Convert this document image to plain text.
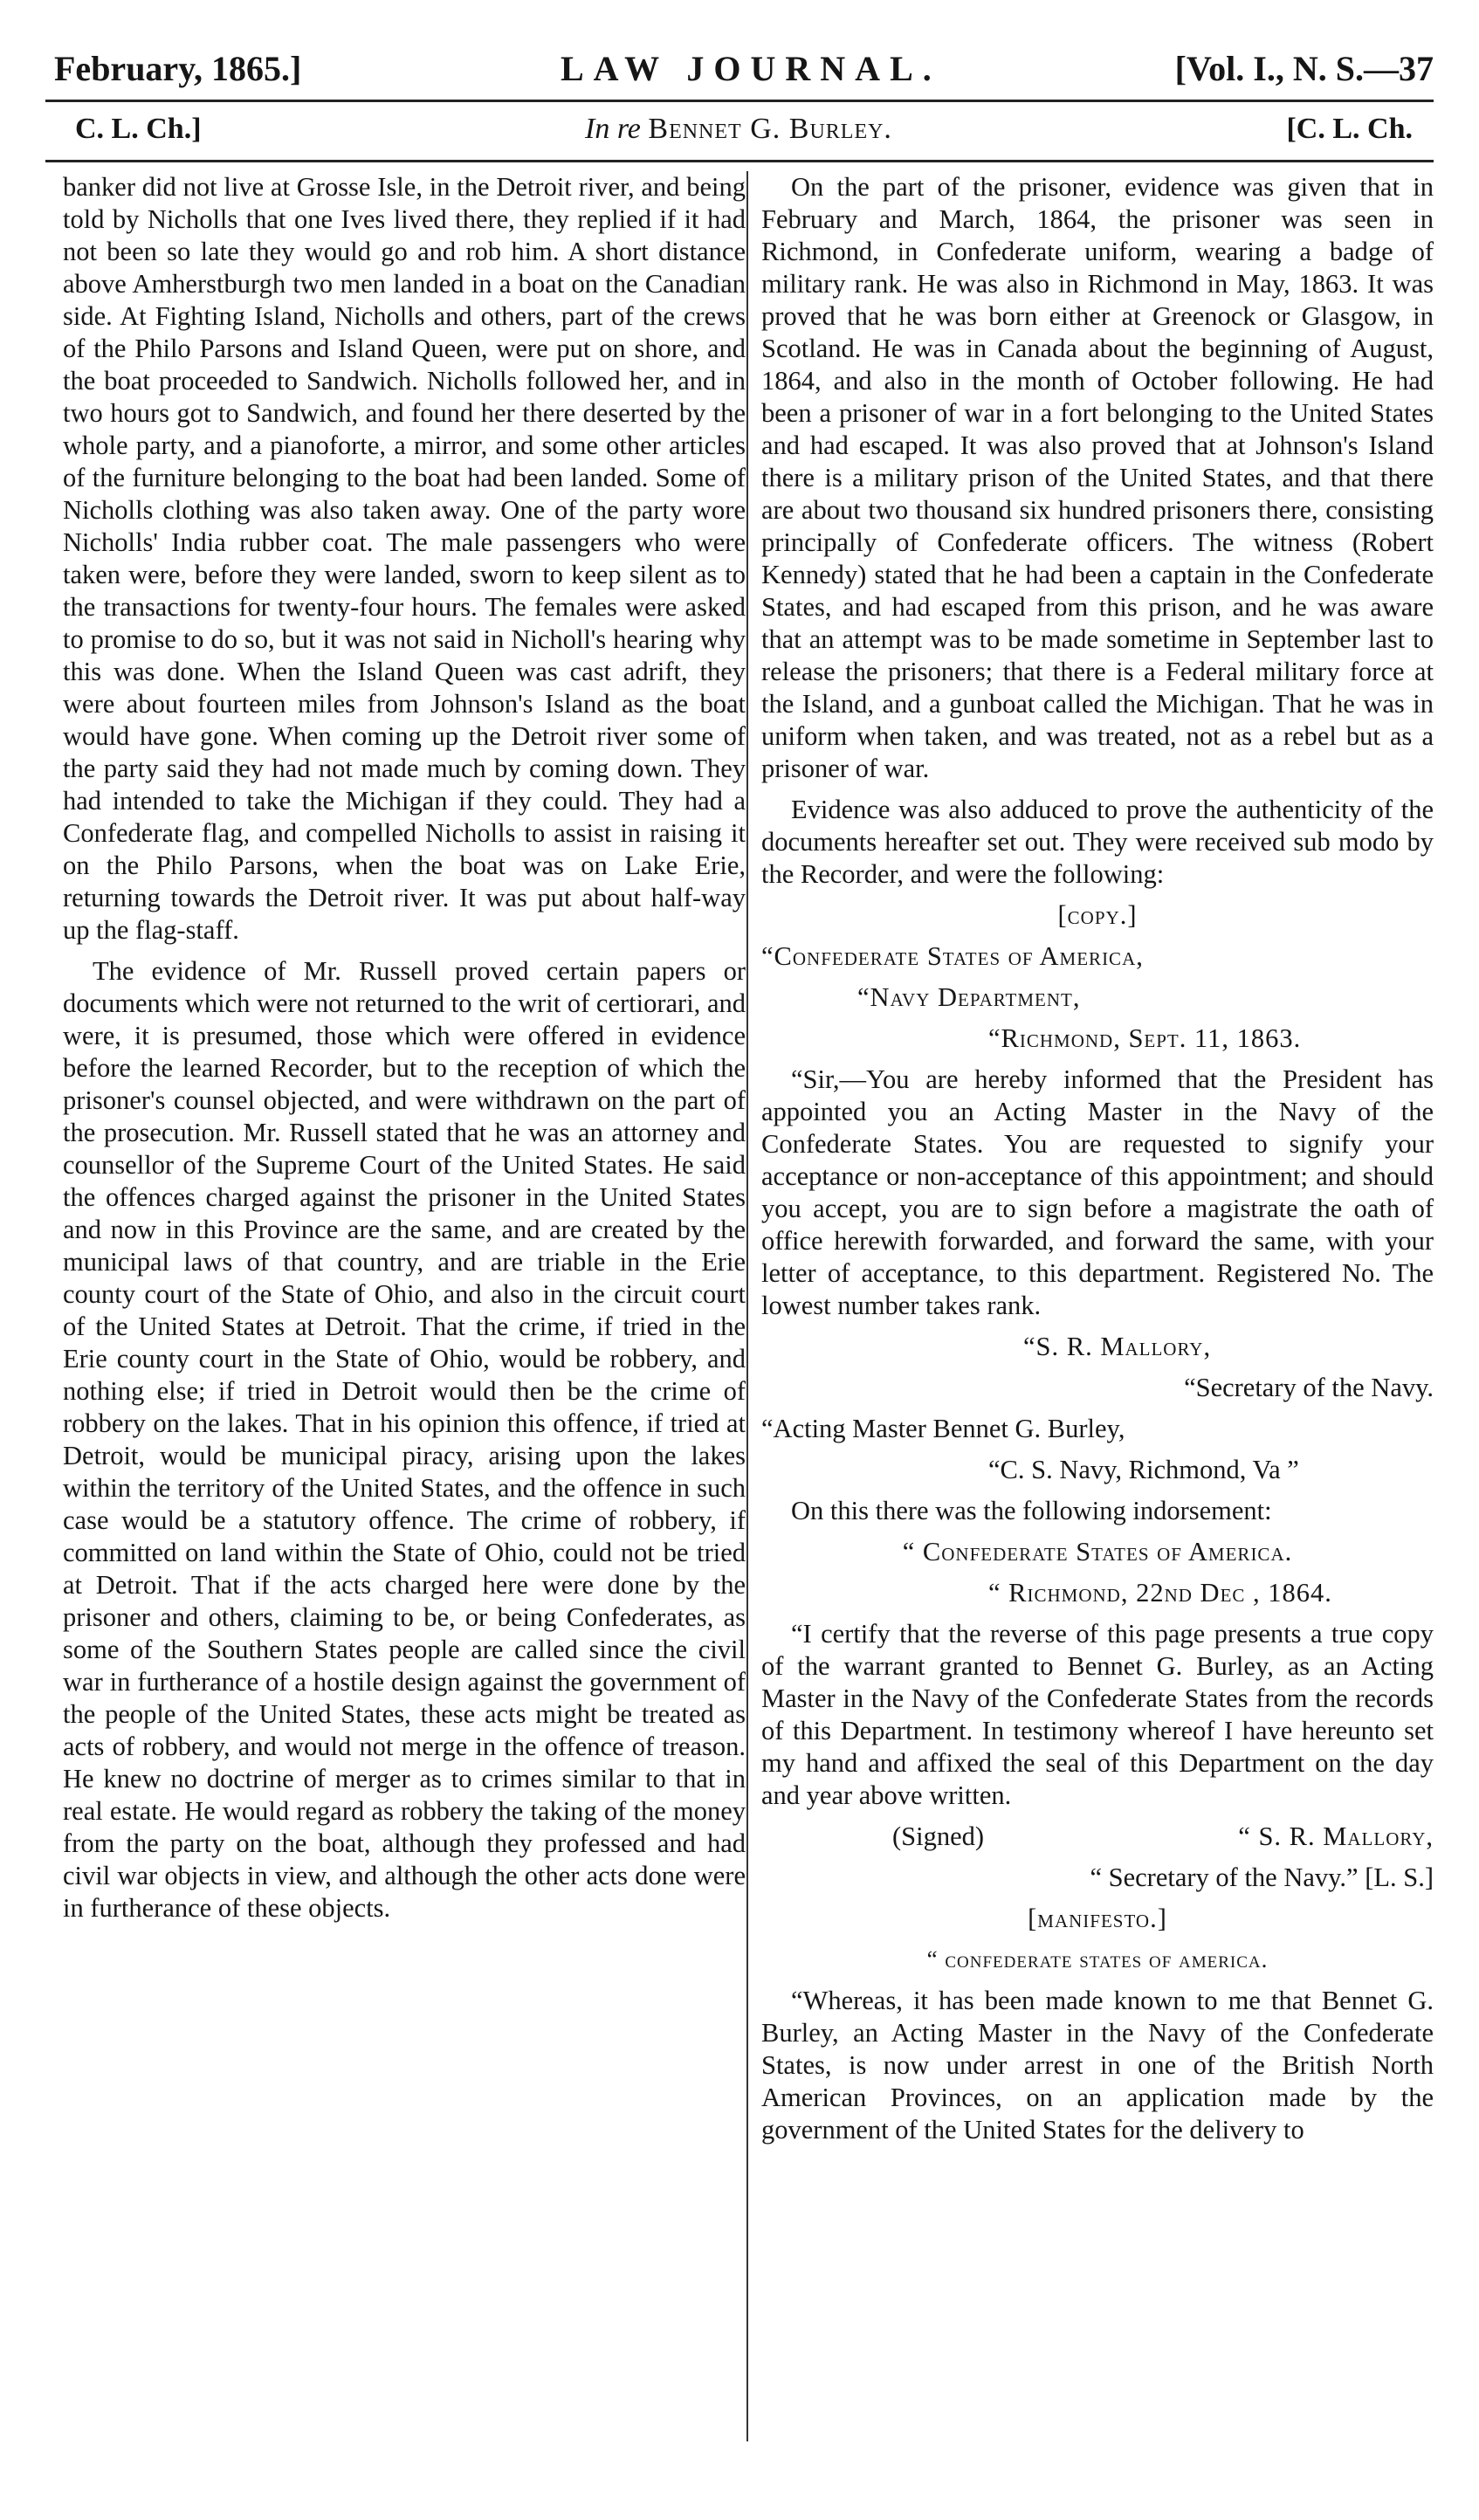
February, 1865.]	LAW JOURNAL.	[Vol. I., N. S.—37
C. L. Ch.]	In re Bennet G. Burley.	[C. L. Ch.

banker did not live at Grosse Isle, in the Detroit river, and being told by Nicholls that one Ives lived there, they replied if it had not been so late they would go and rob him. A short distance above Amherstburgh two men landed in a boat on the Canadian side. At Fighting Island, Nicholls and others, part of the crews of the Philo Parsons and Island Queen, were put on shore, and the boat proceeded to Sandwich. Nicholls followed her, and in two hours got to Sandwich, and found her there deserted by the whole party, and a pianoforte, a mirror, and some other articles of the furniture belonging to the boat had been landed. Some of Nicholls clothing was also taken away. One of the party wore Nicholls' India rubber coat. The male passengers who were taken were, before they were landed, sworn to keep silent as to the transactions for twenty-four hours. The females were asked to promise to do so, but it was not said in Nicholl's hearing why this was done. When the Island Queen was cast adrift, they were about fourteen miles from Johnson's Island as the boat would have gone. When coming up the Detroit river some of the party said they had not made much by coming down. They had intended to take the Michigan if they could. They had a Confederate flag, and compelled Nicholls to assist in raising it on the Philo Parsons, when the boat was on Lake Erie, returning towards the Detroit river. It was put about half-way up the flag-staff.

The evidence of Mr. Russell proved certain papers or documents which were not returned to the writ of certiorari, and were, it is presumed, those which were offered in evidence before the learned Recorder, but to the reception of which the prisoner's counsel objected, and were withdrawn on the part of the prosecution. Mr. Russell stated that he was an attorney and counsellor of the Supreme Court of the United States. He said the offences charged against the prisoner in the United States and now in this Province are the same, and are created by the municipal laws of that country, and are triable in the Erie county court of the State of Ohio, and also in the circuit court of the United States at Detroit. That the crime, if tried in the Erie county court in the State of Ohio, would be robbery, and nothing else; if tried in Detroit would then be the crime of robbery on the lakes. That in his opinion this offence, if tried at Detroit, would be municipal piracy, arising upon the lakes within the territory of the United States, and the offence in such case would be a statutory offence. The crime of robbery, if committed on land within the State of Ohio, could not be tried at Detroit. That if the acts charged here were done by the prisoner and others, claiming to be, or being Confederates, as some of the Southern States people are called since the civil war in furtherance of a hostile design against the government of the people of the United States, these acts might be treated as acts of robbery, and would not merge in the offence of treason. He knew no doctrine of merger as to crimes similar to that in real estate. He would regard as robbery the taking of the money from the party on the boat, although they professed and had civil war objects in view, and although the other acts done were in furtherance of these objects.

On the part of the prisoner, evidence was given that in February and March, 1864, the prisoner was seen in Richmond, in Confederate uniform, wearing a badge of military rank. He was also in Richmond in May, 1863. It was proved that he was born either at Greenock or Glasgow, in Scotland. He was in Canada about the beginning of August, 1864, and also in the month of October following. He had been a prisoner of war in a fort belonging to the United States and had escaped. It was also proved that at Johnson's Island there is a military prison of the United States, and that there are about two thousand six hundred prisoners there, consisting principally of Confederate officers. The witness (Robert Kennedy) stated that he had been a captain in the Confederate States, and had escaped from this prison, and he was aware that an attempt was to be made sometime in September last to release the prisoners; that there is a Federal military force at the Island, and a gunboat called the Michigan. That he was in uniform when taken, and was treated, not as a rebel but as a prisoner of war.

Evidence was also adduced to prove the authenticity of the documents hereafter set out. They were received sub modo by the Recorder, and were the following:

[copy.]

“Confederate States of America,

“Navy Department,

“Richmond, Sept. 11, 1863.

“Sir,—You are hereby informed that the President has appointed you an Acting Master in the Navy of the Confederate States. You are requested to signify your acceptance or non-acceptance of this appointment; and should you accept, you are to sign before a magistrate the oath of office herewith forwarded, and forward the same, with your letter of acceptance, to this department. Registered No. The lowest number takes rank.

“S. R. Mallory,

“Secretary of the Navy.

“Acting Master Bennet G. Burley,

“C. S. Navy, Richmond, Va ”

On this there was the following indorsement:

“ Confederate States of America.

“ Richmond, 22nd Dec , 1864.

“I certify that the reverse of this page presents a true copy of the warrant granted to Bennet G. Burley, as an Acting Master in the Navy of the Confederate States from the records of this Department. In testimony whereof I have hereunto set my hand and affixed the seal of this Department on the day and year above written.

(Signed)	“ S. R. Mallory,

“ Secretary of the Navy.” [L. S.]

[manifesto.]

“ confederate states of america.

“Whereas, it has been made known to me that Bennet G. Burley, an Acting Master in the Navy of the Confederate States, is now under arrest in one of the British North American Provinces, on an application made by the government of the United States for the delivery to
